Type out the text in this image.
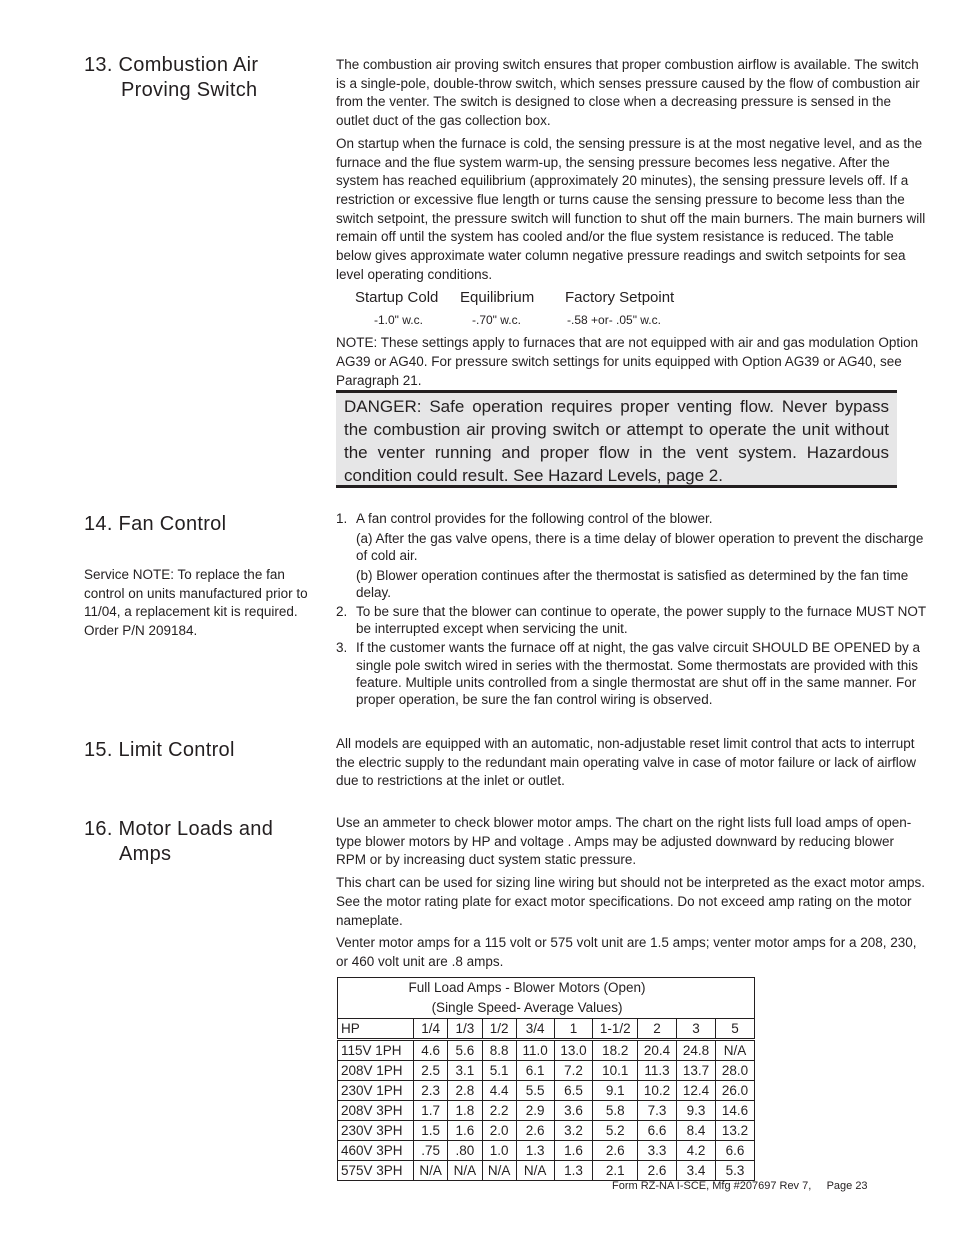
13. Combustion Air
Proving Switch

The combustion air proving switch ensures that proper combustion airflow is available. The switch is a single-pole, double-throw switch, which senses pressure caused by the flow of combustion air from the venter. The switch is designed to close when a decreasing pressure is sensed in the outlet duct of the gas collection box.

On startup when the furnace is cold, the sensing pressure is at the most negative level, and as the furnace and the flue system warm-up, the sensing pressure becomes less negative. After the system has reached equilibrium (approximately 20 minutes), the sensing pressure levels off. If a restriction or excessive flue length or turns cause the sensing pressure to become less than the switch setpoint, the pressure switch will function to shut off the main burners. The main burners will remain off until the system has cooled and/or the flue system resistance is reduced. The table below gives approximate water column negative pressure readings and switch setpoints for sea level operating conditions.

Startup Cold	Equilibrium	Factory Setpoint
-1.0" w.c.	-.70" w.c.	-.58 +or- .05" w.c.

NOTE: These settings apply to furnaces that are not equipped with air and gas modulation Option AG39 or AG40. For pressure switch settings for units equipped with Option AG39 or AG40, see Paragraph 21.

DANGER: Safe operation requires proper venting flow. Never bypass the combustion air proving switch or attempt to operate the unit without the venter running and proper flow in the vent system. Hazardous condition could result. See Hazard Levels, page 2.

14. Fan Control

Service NOTE: To replace the fan control on units manufactured prior to 11/04, a replacement kit is required. Order P/N 209184.

1. A fan control provides for the following control of the blower.
(a) After the gas valve opens, there is a time delay of blower operation to prevent the discharge of cold air.
(b) Blower operation continues after the thermostat is satisfied as determined by the fan time delay.
2. To be sure that the blower can continue to operate, the power supply to the furnace MUST NOT be interrupted except when servicing the unit.
3. If the customer wants the furnace off at night, the gas valve circuit SHOULD BE OPENED by a single pole switch wired in series with the thermostat. Some thermostats are provided with this feature. Multiple units controlled from a single thermostat are shut off in the same manner. For proper operation, be sure the fan control wiring is observed.
15. Limit Control	All models are equipped with an automatic, non-adjustable reset limit control that acts to interrupt the electric supply to the redundant main operating valve in case of motor failure or lack of airflow due to restrictions at the inlet or outlet.

16. Motor Loads and
Amps

Use an ammeter to check blower motor amps. The chart on the right lists full load amps of open-type blower motors by HP and voltage . Amps may be adjusted downward by reducing blower RPM or by increasing duct system static pressure.

This chart can be used for sizing line wiring but should not be interpreted as the exact motor amps. See the motor rating plate for exact motor specifications. Do not exceed amp rating on the motor nameplate.

Venter motor amps for a 115 volt or 575 volt unit are 1.5 amps; venter motor amps for a 208, 230, or 460 volt unit are .8 amps.

Full Load Amps - Blower Motors (Open)
(Single Speed- Average Values)									

HP	1/4	1/3	1/2	3/4	1	1-1/2	2	3	5
115V 1PH	4.6	5.6	8.8	11.0	13.0	18.2	20.4	24.8	N/A
208V 1PH	2.5	3.1	5.1	6.1	7.2	10.1	11.3	13.7	28.0
230V 1PH	2.3	2.8	4.4	5.5	6.5	9.1	10.2	12.4	26.0
208V 3PH	1.7	1.8	2.2	2.9	3.6	5.8	7.3	9.3	14.6
230V 3PH	1.5	1.6	2.0	2.6	3.2	5.2	6.6	8.4	13.2
460V 3PH	.75	.80	1.0	1.3	1.6	2.6	3.3	4.2	6.6
575V 3PH	N/A	N/A	N/A	N/A	1.3	2.1	2.6	3.4	5.3
Form RZ-NA I-SCE, Mfg #207697 Rev 7,     Page 23
